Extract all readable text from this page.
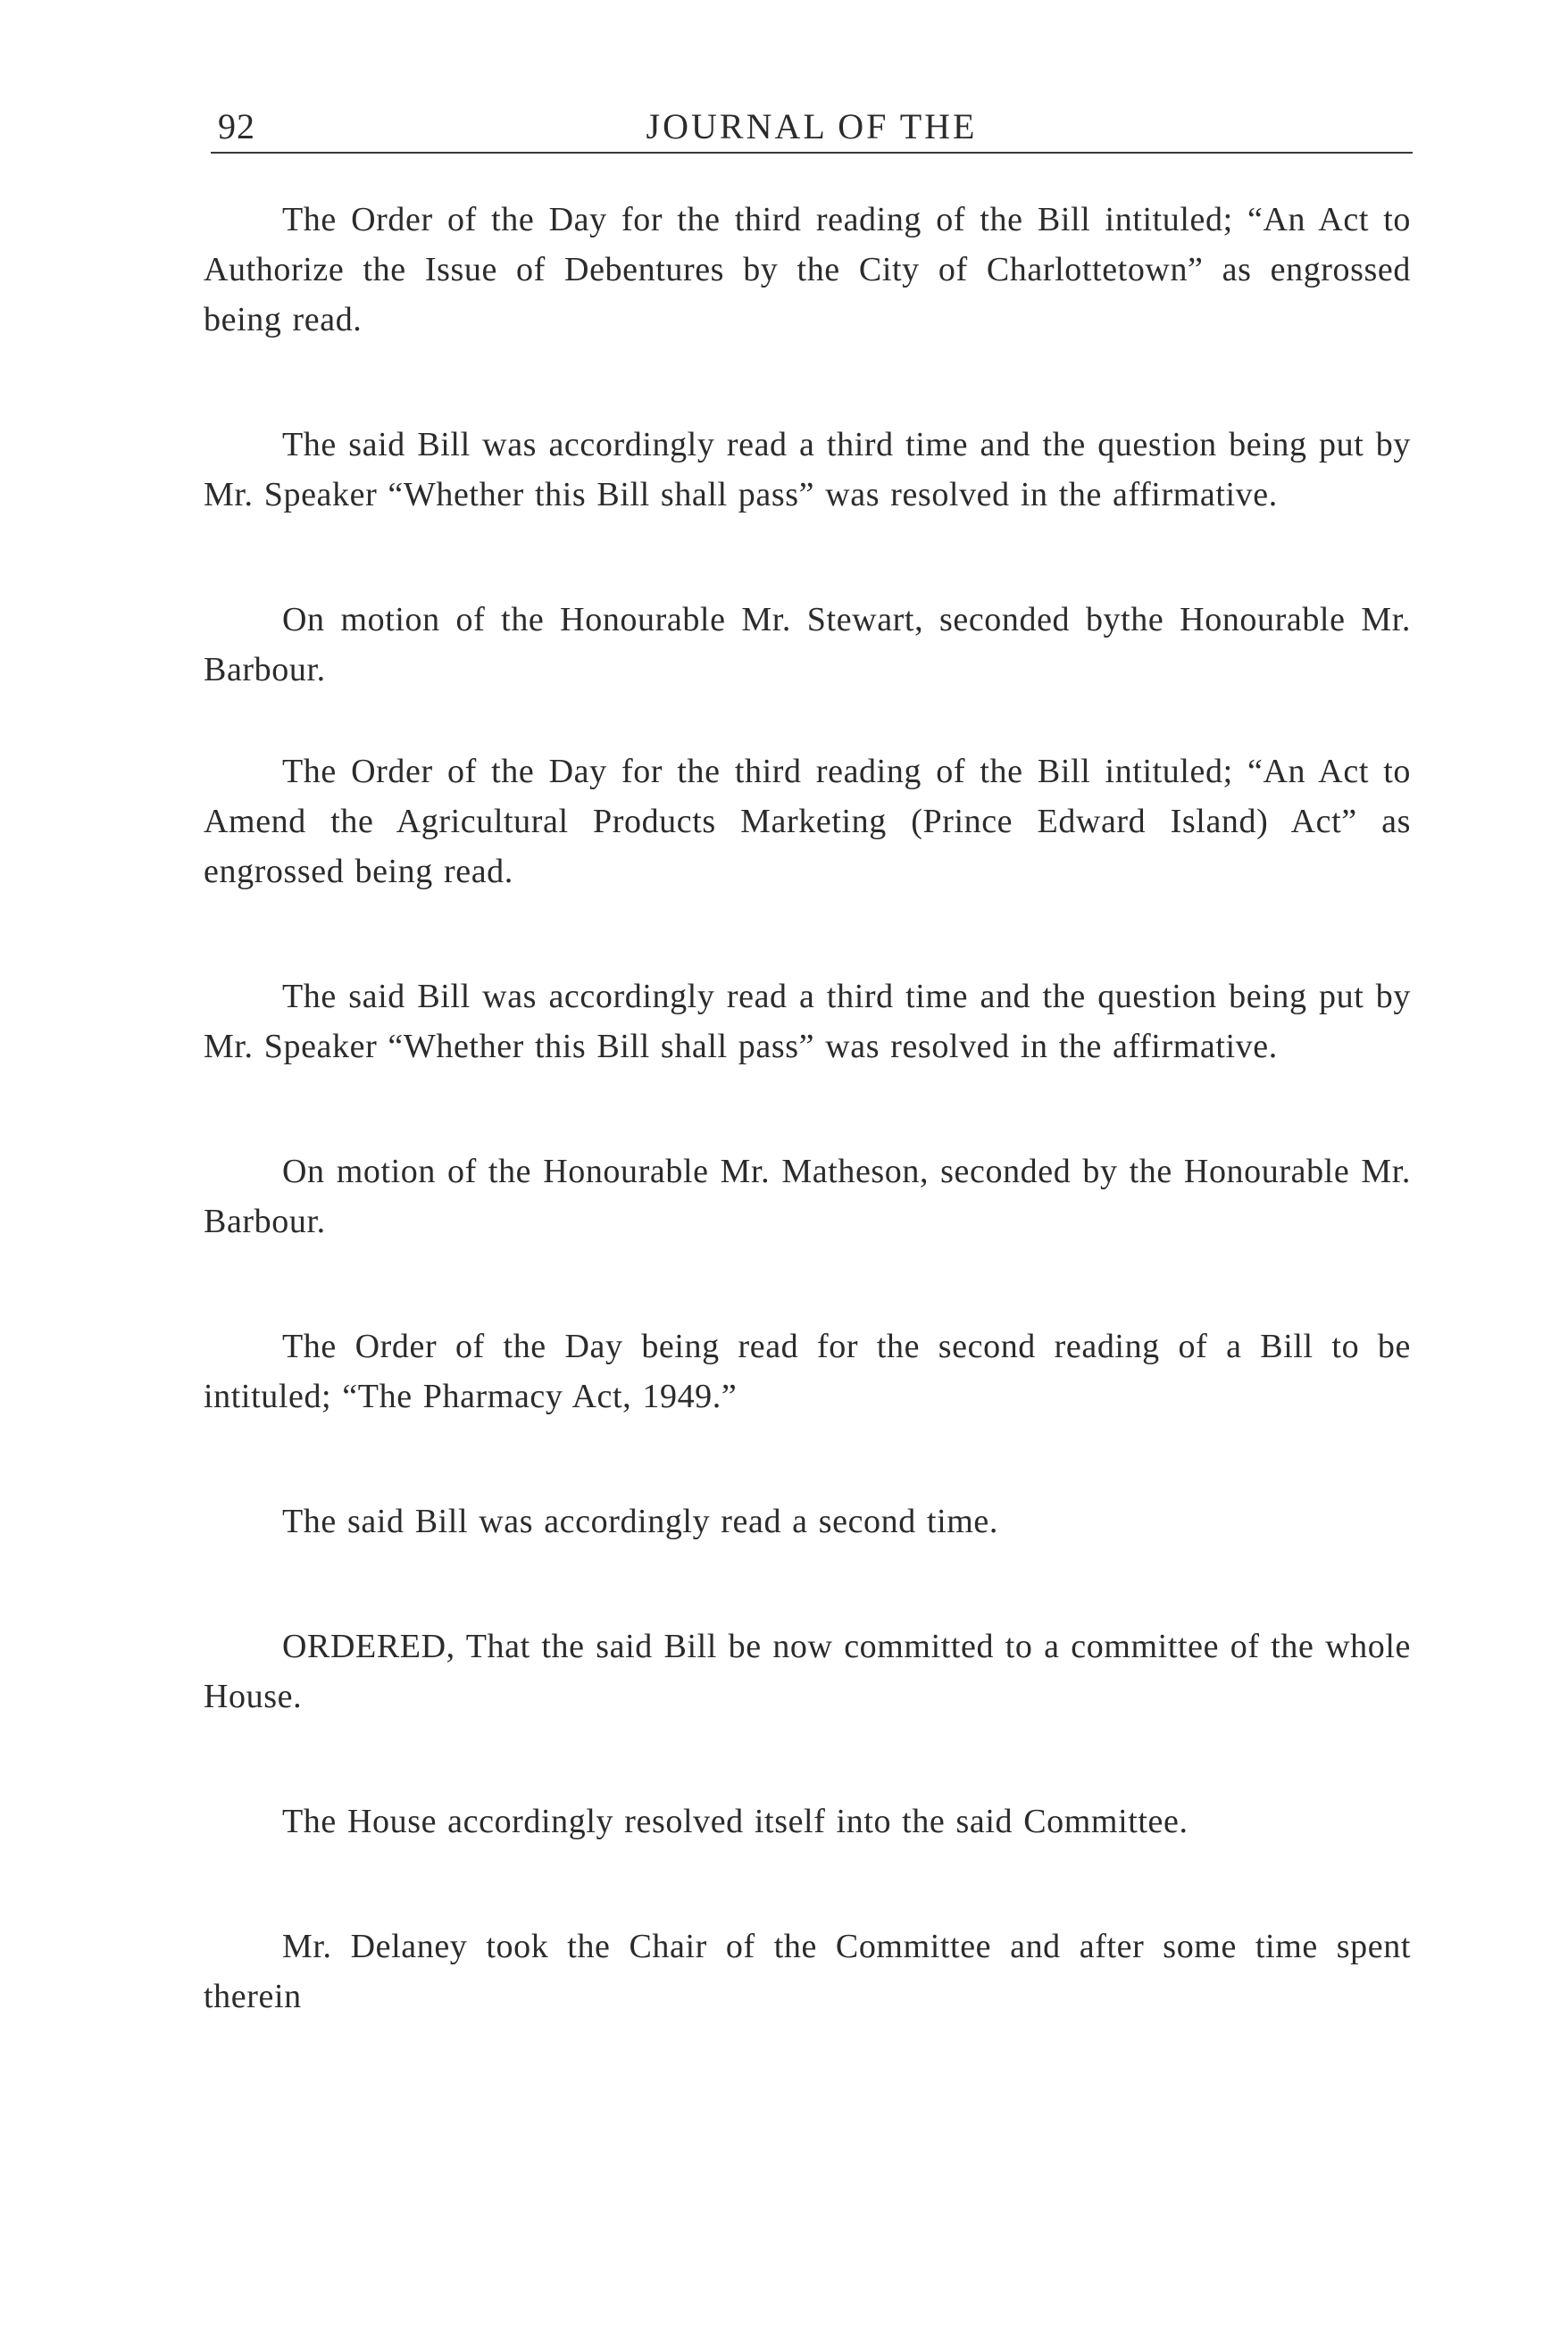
92	JOURNAL OF THE

The Order of the Day for the third reading of the Bill intituled; “An Act to Authorize the Issue of Debentures by the City of Charlottetown” as engrossed being read.

The said Bill was accordingly read a third time and the question being put by Mr. Speaker “Whether this Bill shall pass” was resolved in the affirmative.

On motion of the Honourable Mr. Stewart, seconded bythe Honourable Mr. Barbour.

The Order of the Day for the third reading of the Bill intituled; “An Act to Amend the Agricultural Products Marketing (Prince Edward Island) Act” as engrossed being read.

The said Bill was accordingly read a third time and the question being put by Mr. Speaker “Whether this Bill shall pass” was resolved in the affirmative.

On motion of the Honourable Mr. Matheson, seconded by the Honourable Mr. Barbour.

The Order of the Day being read for the second reading of a Bill to be intituled; “The Pharmacy Act, 1949.”

The said Bill was accordingly read a second time.

ORDERED, That the said Bill be now committed to a committee of the whole House.

The House accordingly resolved itself into the said Committee.

Mr. Delaney took the Chair of the Committee and after some time spent therein
